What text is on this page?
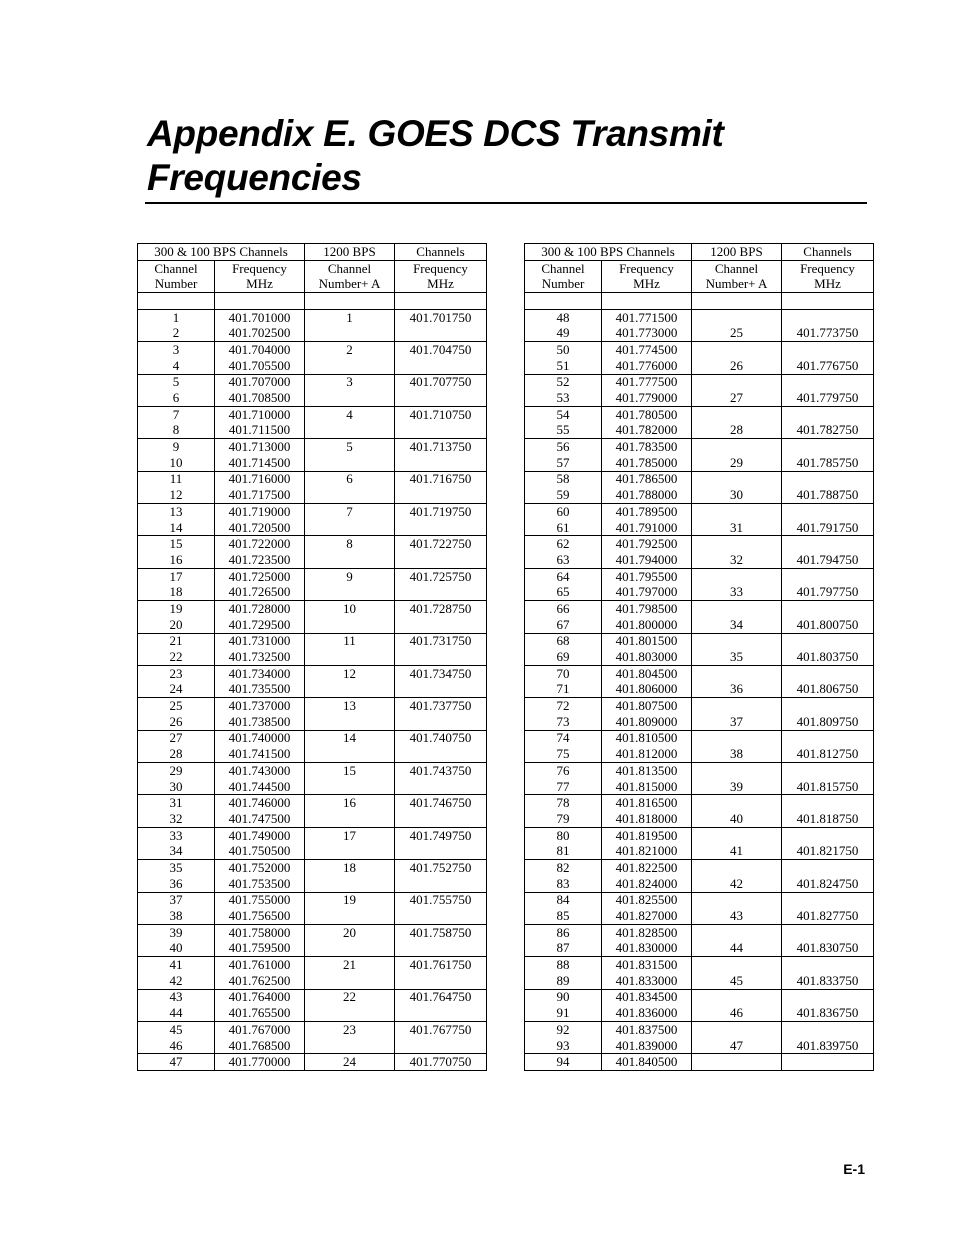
Appendix E. GOES DCS Transmit
Frequencies
300 & 100 BPS Channels		1200 BPS	Channels
Channel	Frequency	Channel	Frequency
Number	MHz	Number+ A	MHz

1	401.701000	1	401.701750
2	401.702500		
3	401.704000	2	401.704750
4	401.705500		
5	401.707000	3	401.707750
6	401.708500		
7	401.710000	4	401.710750
8	401.711500		
9	401.713000	5	401.713750
10	401.714500		
11	401.716000	6	401.716750
12	401.717500		
13	401.719000	7	401.719750
14	401.720500		
15	401.722000	8	401.722750
16	401.723500		
17	401.725000	9	401.725750
18	401.726500		
19	401.728000	10	401.728750
20	401.729500		
21	401.731000	11	401.731750
22	401.732500		
23	401.734000	12	401.734750
24	401.735500		
25	401.737000	13	401.737750
26	401.738500		
27	401.740000	14	401.740750
28	401.741500		
29	401.743000	15	401.743750
30	401.744500		
31	401.746000	16	401.746750
32	401.747500		
33	401.749000	17	401.749750
34	401.750500		
35	401.752000	18	401.752750
36	401.753500		
37	401.755000	19	401.755750
38	401.756500		
39	401.758000	20	401.758750
40	401.759500		
41	401.761000	21	401.761750
42	401.762500		
43	401.764000	22	401.764750
44	401.765500		
45	401.767000	23	401.767750
46	401.768500		
47	401.770000	24	401.770750
300 & 100 BPS Channels		1200 BPS	Channels
Channel	Frequency	Channel	Frequency
Number	MHz	Number+ A	MHz

48	401.771500		
49	401.773000	25	401.773750
50	401.774500		
51	401.776000	26	401.776750
52	401.777500		
53	401.779000	27	401.779750
54	401.780500		
55	401.782000	28	401.782750
56	401.783500		
57	401.785000	29	401.785750
58	401.786500		
59	401.788000	30	401.788750
60	401.789500		
61	401.791000	31	401.791750
62	401.792500		
63	401.794000	32	401.794750
64	401.795500		
65	401.797000	33	401.797750
66	401.798500		
67	401.800000	34	401.800750
68	401.801500		
69	401.803000	35	401.803750
70	401.804500		
71	401.806000	36	401.806750
72	401.807500		
73	401.809000	37	401.809750
74	401.810500		
75	401.812000	38	401.812750
76	401.813500		
77	401.815000	39	401.815750
78	401.816500		
79	401.818000	40	401.818750
80	401.819500		
81	401.821000	41	401.821750
82	401.822500		
83	401.824000	42	401.824750
84	401.825500		
85	401.827000	43	401.827750
86	401.828500		
87	401.830000	44	401.830750
88	401.831500		
89	401.833000	45	401.833750
90	401.834500		
91	401.836000	46	401.836750
92	401.837500		
93	401.839000	47	401.839750
94	401.840500		
E-1
